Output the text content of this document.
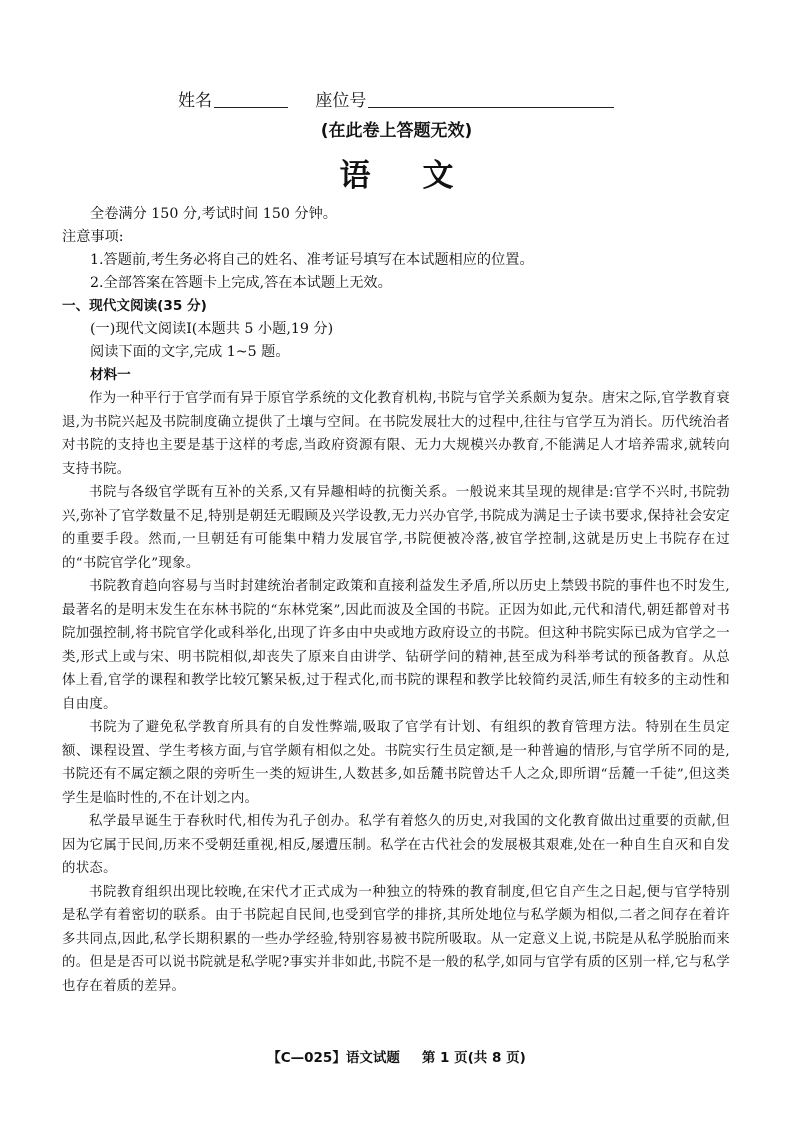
姓名	座位号
(在此卷上答题无效)
语文
全卷满分 150 分,考试时间 150 分钟。
注意事项:
1.答题前,考生务必将自己的姓名、准考证号填写在本试题相应的位置。
2.全部答案在答题卡上完成,答在本试题上无效。
一、现代文阅读(35 分)
(一)现代文阅读Ⅰ(本题共 5 小题,19 分)
阅读下面的文字,完成 1~5 题。
材料一

作为一种平行于官学而有异于原官学系统的文化教育机构,书院与官学关系颇为复杂。唐宋之际,官学教育衰退,为书院兴起及书院制度确立提供了土壤与空间。在书院发展壮大的过程中,往往与官学互为消长。历代统治者对书院的支持也主要是基于这样的考虑,当政府资源有限、无力大规模兴办教育,不能满足人才培养需求,就转向支持书院。

书院与各级官学既有互补的关系,又有异趣相峙的抗衡关系。一般说来其呈现的规律是:官学不兴时,书院勃兴,弥补了官学数量不足,特别是朝廷无暇顾及兴学设教,无力兴办官学,书院成为满足士子读书要求,保持社会安定的重要手段。然而,一旦朝廷有可能集中精力发展官学,书院便被冷落,被官学控制,这就是历史上书院存在过的“书院官学化”现象。

书院教育趋向容易与当时封建统治者制定政策和直接利益发生矛盾,所以历史上禁毁书院的事件也不时发生,最著名的是明末发生在东林书院的“东林党案”,因此而波及全国的书院。正因为如此,元代和清代,朝廷都曾对书院加强控制,将书院官学化或科举化,出现了许多由中央或地方政府设立的书院。但这种书院实际已成为官学之一类,形式上或与宋、明书院相似,却丧失了原来自由讲学、钻研学问的精神,甚至成为科举考试的预备教育。从总体上看,官学的课程和教学比较冗繁呆板,过于程式化,而书院的课程和教学比较简约灵活,师生有较多的主动性和自由度。

书院为了避免私学教育所具有的自发性弊端,吸取了官学有计划、有组织的教育管理方法。特别在生员定额、课程设置、学生考核方面,与官学颇有相似之处。书院实行生员定额,是一种普遍的情形,与官学所不同的是,书院还有不属定额之限的旁听生一类的短讲生,人数甚多,如岳麓书院曾达千人之众,即所谓“岳麓一千徒”,但这类学生是临时性的,不在计划之内。

私学最早诞生于春秋时代,相传为孔子创办。私学有着悠久的历史,对我国的文化教育做出过重要的贡献,但因为它属于民间,历来不受朝廷重视,相反,屡遭压制。私学在古代社会的发展极其艰难,处在一种自生自灭和自发的状态。

书院教育组织出现比较晚,在宋代才正式成为一种独立的特殊的教育制度,但它自产生之日起,便与官学特别是私学有着密切的联系。由于书院起自民间,也受到官学的排挤,其所处地位与私学颇为相似,二者之间存在着许多共同点,因此,私学长期积累的一些办学经验,特别容易被书院所吸取。从一定意义上说,书院是从私学脱胎而来的。但是是否可以说书院就是私学呢?事实并非如此,书院不是一般的私学,如同与官学有质的区别一样,它与私学也存在着质的差异。

【C—025】语文试题 第 1 页(共 8 页)
